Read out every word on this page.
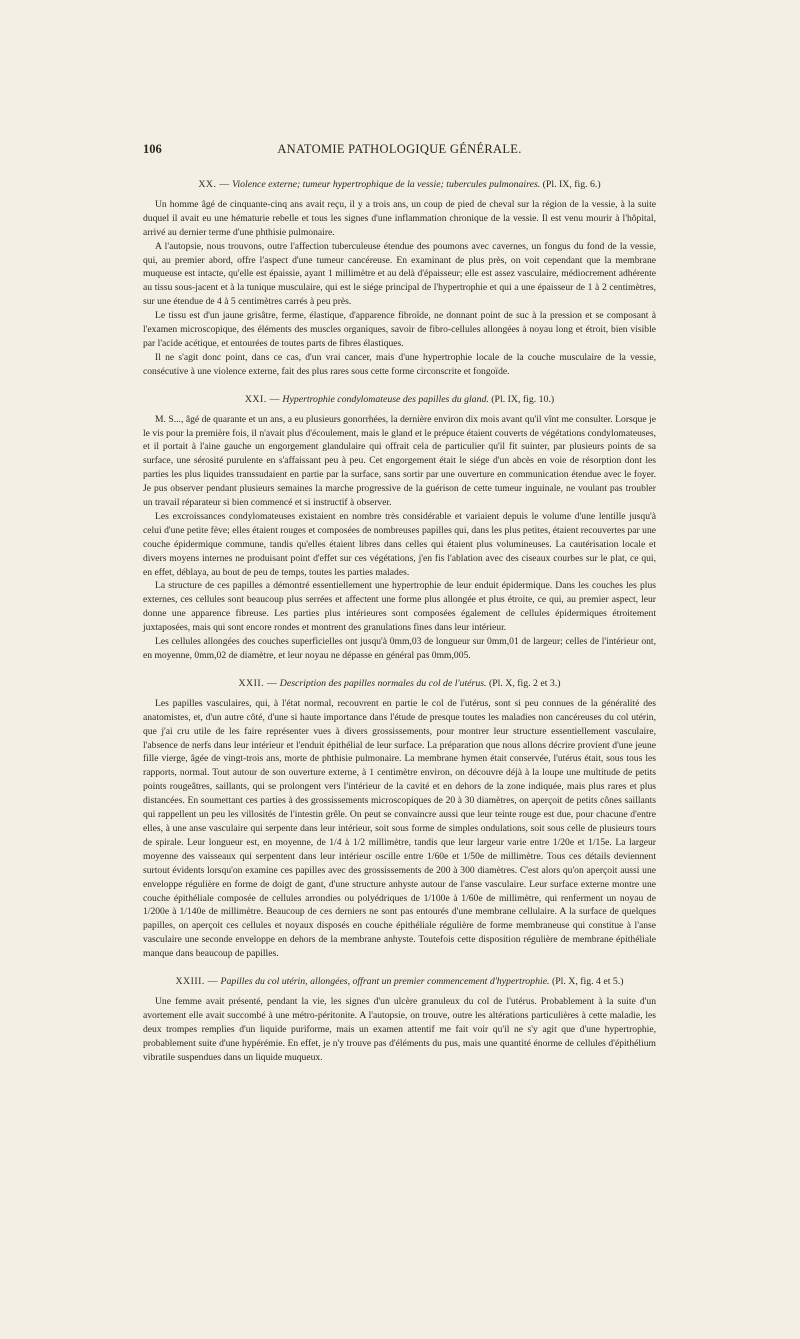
106	ANATOMIE PATHOLOGIQUE GÉNÉRALE.
XX. — Violence externe; tumeur hypertrophique de la vessie; tubercules pulmonaires. (Pl. IX, fig. 6.)

Un homme âgé de cinquante-cinq ans avait reçu, il y a trois ans, un coup de pied de cheval sur la région de la vessie, à la suite duquel il avait eu une hématurie rebelle et tous les signes d'une inflammation chronique de la vessie. Il est venu mourir à l'hôpital, arrivé au dernier terme d'une phthisie pulmonaire.

A l'autopsie, nous trouvons, outre l'affection tuberculeuse étendue des poumons avec cavernes, un fongus du fond de la vessie, qui, au premier abord, offre l'aspect d'une tumeur cancéreuse. En examinant de plus près, on voit cependant que la membrane muqueuse est intacte, qu'elle est épaissie, ayant 1 millimètre et au delà d'épaisseur; elle est assez vasculaire, médiocrement adhérente au tissu sous-jacent et à la tunique musculaire, qui est le siége principal de l'hypertrophie et qui a une épaisseur de 1 à 2 centimètres, sur une étendue de 4 à 5 centimètres carrés à peu près.

Le tissu est d'un jaune grisâtre, ferme, élastique, d'apparence fibroïde, ne donnant point de suc à la pression et se composant à l'examen microscopique, des éléments des muscles organiques, savoir de fibro-cellules allongées à noyau long et étroit, bien visible par l'acide acétique, et entourées de toutes parts de fibres élastiques.

Il ne s'agit donc point, dans ce cas, d'un vrai cancer, mais d'une hypertrophie locale de la couche musculaire de la vessie, consécutive à une violence externe, fait des plus rares sous cette forme circonscrite et fongoïde.

XXI. — Hypertrophie condylomateuse des papilles du gland. (Pl. IX, fig. 10.)

M. S..., âgé de quarante et un ans, a eu plusieurs gonorrhées, la dernière environ dix mois avant qu'il vînt me consulter. Lorsque je le vis pour la première fois, il n'avait plus d'écoulement, mais le gland et le prépuce étaient couverts de végétations condylomateuses, et il portait à l'aine gauche un engorgement glandulaire qui offrait cela de particulier qu'il fit suinter, par plusieurs points de sa surface, une sérosité purulente en s'affaissant peu à peu. Cet engorgement était le siége d'un abcès en voie de résorption dont les parties les plus liquides transsudaient en partie par la surface, sans sortir par une ouverture en communication étendue avec le foyer. Je pus observer pendant plusieurs semaines la marche progressive de la guérison de cette tumeur inguinale, ne voulant pas troubler un travail réparateur si bien commencé et si instructif à observer.

Les excroissances condylomateuses existaient en nombre très considérable et variaient depuis le volume d'une lentille jusqu'à celui d'une petite fève; elles étaient rouges et composées de nombreuses papilles qui, dans les plus petites, étaient recouvertes par une couche épidermique commune, tandis qu'elles étaient libres dans celles qui étaient plus volumineuses. La cautérisation locale et divers moyens internes ne produisant point d'effet sur ces végétations, j'en fis l'ablation avec des ciseaux courbes sur le plat, ce qui, en effet, déblaya, au bout de peu de temps, toutes les parties malades.

La structure de ces papilles a démontré essentiellement une hypertrophie de leur enduit épidermique. Dans les couches les plus externes, ces cellules sont beaucoup plus serrées et affectent une forme plus allongée et plus étroite, ce qui, au premier aspect, leur donne une apparence fibreuse. Les parties plus intérieures sont composées également de cellules épidermiques étroitement juxtaposées, mais qui sont encore rondes et montrent des granulations fines dans leur intérieur.

Les cellules allongées des couches superficielles ont jusqu'à 0mm,03 de longueur sur 0mm,01 de largeur; celles de l'intérieur ont, en moyenne, 0mm,02 de diamètre, et leur noyau ne dépasse en général pas 0mm,005.

XXII. — Description des papilles normales du col de l'utérus. (Pl. X, fig. 2 et 3.)

Les papilles vasculaires, qui, à l'état normal, recouvrent en partie le col de l'utérus, sont si peu connues de la généralité des anatomistes, et, d'un autre côté, d'une si haute importance dans l'étude de presque toutes les maladies non cancéreuses du col utérin, que j'ai cru utile de les faire représenter vues à divers grossissements, pour montrer leur structure essentiellement vasculaire, l'absence de nerfs dans leur intérieur et l'enduit épithélial de leur surface. La préparation que nous allons décrire provient d'une jeune fille vierge, âgée de vingt-trois ans, morte de phthisie pulmonaire. La membrane hymen était conservée, l'utérus était, sous tous les rapports, normal. Tout autour de son ouverture externe, à 1 centimètre environ, on découvre déjà à la loupe une multitude de petits points rougeâtres, saillants, qui se prolongent vers l'intérieur de la cavité et en dehors de la zone indiquée, mais plus rares et plus distancées. En soumettant ces parties à des grossissements microscopiques de 20 à 30 diamètres, on aperçoit de petits cônes saillants qui rappellent un peu les villosités de l'intestin grêle. On peut se convaincre aussi que leur teinte rouge est due, pour chacune d'entre elles, à une anse vasculaire qui serpente dans leur intérieur, soit sous forme de simples ondulations, soit sous celle de plusieurs tours de spirale. Leur longueur est, en moyenne, de 1/4 à 1/2 millimètre, tandis que leur largeur varie entre 1/20e et 1/15e. La largeur moyenne des vaisseaux qui serpentent dans leur intérieur oscille entre 1/60e et 1/50e de millimètre. Tous ces détails deviennent surtout évidents lorsqu'on examine ces papilles avec des grossissements de 200 à 300 diamètres. C'est alors qu'on aperçoit aussi une enveloppe régulière en forme de doigt de gant, d'une structure anhyste autour de l'anse vasculaire. Leur surface externe montre une couche épithéliale composée de cellules arrondies ou polyédriques de 1/100e à 1/60e de millimètre, qui renferment un noyau de 1/200e à 1/140e de millimètre. Beaucoup de ces derniers ne sont pas entourés d'une membrane cellulaire. A la surface de quelques papilles, on aperçoit ces cellules et noyaux disposés en couche épithéliale régulière de forme membraneuse qui constitue à l'anse vasculaire une seconde enveloppe en dehors de la membrane anhyste. Toutefois cette disposition régulière de membrane épithéliale manque dans beaucoup de papilles.

XXIII. — Papilles du col utérin, allongées, offrant un premier commencement d'hypertrophie. (Pl. X, fig. 4 et 5.)

Une femme avait présenté, pendant la vie, les signes d'un ulcère granuleux du col de l'utérus. Probablement à la suite d'un avortement elle avait succombé à une métro-péritonite. A l'autopsie, on trouve, outre les altérations particulières à cette maladie, les deux trompes remplies d'un liquide puriforme, mais un examen attentif me fait voir qu'il ne s'y agit que d'une hypertrophie, probablement suite d'une hypérémie. En effet, je n'y trouve pas d'éléments du pus, mais une quantité énorme de cellules d'épithélium vibratile suspendues dans un liquide muqueux.
